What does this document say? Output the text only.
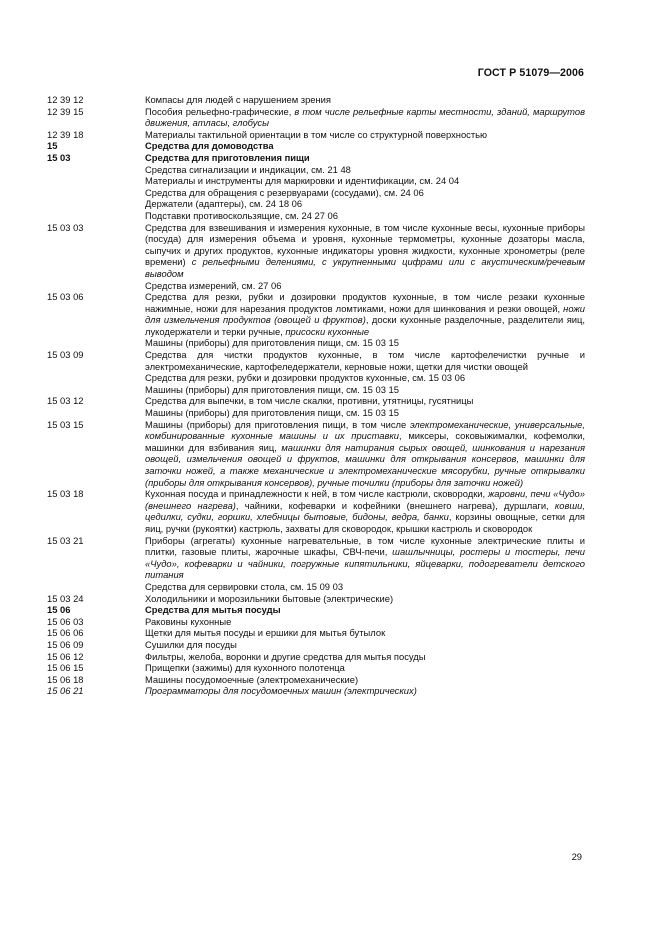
ГОСТ Р 51079—2006
12 39 12	Компасы для людей с нарушением зрения
12 39 15	Пособия рельефно-графические, в том числе рельефные карты местности, зданий, маршрутов движения, атласы, глобусы
12 39 18	Материалы тактильной ориентации в том числе со структурной поверхностью
15	Средства для домоводства
15 03	Средства для приготовления пищи
Средства сигнализации и индикации, см. 21 48
Материалы и инструменты для маркировки и идентификации, см. 24 04
Средства для обращения с резервуарами (сосудами), см. 24 06
Держатели (адаптеры), см. 24 18 06
Подставки противоскользящие, см. 24 27 06
15 03 03	Средства для взвешивания и измерения кухонные, в том числе кухонные весы, кухонные приборы (посуда) для измерения объема и уровня, кухонные термометры, кухонные дозаторы масла, сыпучих и других продуктов, кухонные индикаторы уровня жидкости, кухонные хронометры (реле времени) с рельефными делениями, с укрупненными цифрами или с акустическим/речевым выводом
Средства измерений, см. 27 06
15 03 06	Средства для резки, рубки и дозировки продуктов кухонные, в том числе резаки кухонные нажимные, ножи для нарезания продуктов ломтиками, ножи для шинкования и резки овощей, ножи для измельчения продуктов (овощей и фруктов), доски кухонные разделочные, разделители яиц, лукодержатели и терки ручные, присоски кухонные
Машины (приборы) для приготовления пищи, см. 15 03 15
15 03 09	Средства для чистки продуктов кухонные, в том числе картофелечистки ручные и электромеханические, картофеледержатели, керновые ножи, щетки для чистки овощей
Средства для резки, рубки и дозировки продуктов кухонные, см. 15 03 06
Машины (приборы) для приготовления пищи, см. 15 03 15
15 03 12	Средства для выпечки, в том числе скалки, противни, утятницы, гусятницы
Машины (приборы) для приготовления пищи, см. 15 03 15
15 03 15	Машины (приборы) для приготовления пищи, в том числе электромеханические, универсальные, комбинированные кухонные машины и их приставки, миксеры, соковыжималки, кофемолки, машинки для взбивания яиц, машинки для натирания сырых овощей, шинкования и нарезания овощей, измельчения овощей и фруктов, машинки для открывания консервов, машинки для заточки ножей, а также механические и электромеханические мясорубки, ручные открывалки (приборы для открывания консервов), ручные точилки (приборы для заточки ножей)
15 03 18	Кухонная посуда и принадлежности к ней, в том числе кастрюли, сковородки, жаровни, печи «Чудо» (внешнего нагрева), чайники, кофеварки и кофейники (внешнего нагрева), дуршлаги, ковши, цедилки, судки, горшки, хлебницы бытовые, бидоны, ведра, банки, корзины овощные, сетки для яиц, ручки (рукоятки) кастрюль, захваты для сковородок, крышки кастрюль и сковородок
15 03 21	Приборы (агрегаты) кухонные нагревательные, в том числе кухонные электрические плиты и плитки, газовые плиты, жарочные шкафы, СВЧ-печи, шашлычницы, ростеры и тостеры, печи «Чудо», кофеварки и чайники, погружные кипятильники, яйцеварки, подогреватели детского питания
Средства для сервировки стола, см. 15 09 03
15 03 24	Холодильники и морозильники бытовые (электрические)
15 06	Средства для мытья посуды
15 06 03	Раковины кухонные
15 06 06	Щетки для мытья посуды и ершики для мытья бутылок
15 06 09	Сушилки для посуды
15 06 12	Фильтры, желоба, воронки и другие средства для мытья посуды
15 06 15	Прищепки (зажимы) для кухонного полотенца
15 06 18	Машины посудомоечные (электромеханические)
15 06 21	Программаторы для посудомоечных машин (электрических)
29
